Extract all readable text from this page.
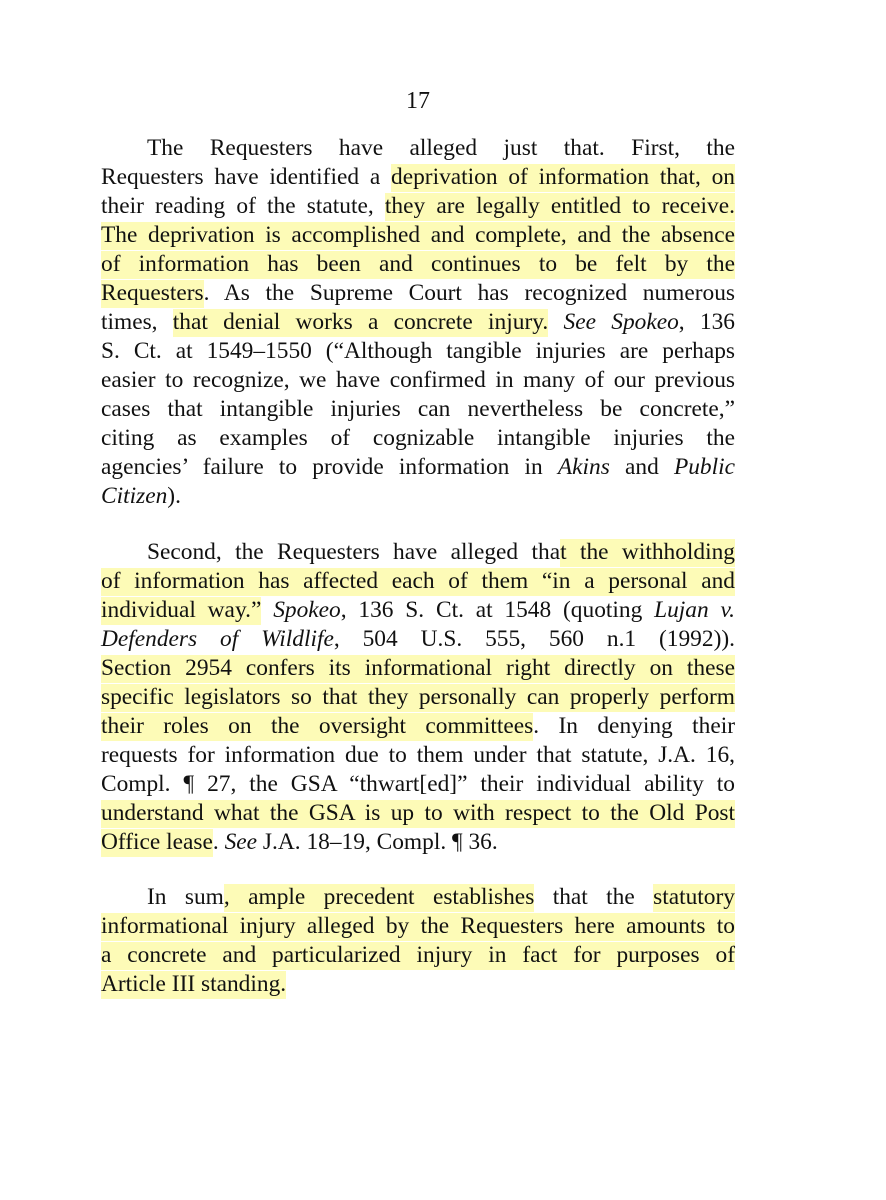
17
The Requesters have alleged just that. First, the
Requesters have identified a deprivation of information that, on
their reading of the statute, they are legally entitled to receive.
The deprivation is accomplished and complete, and the absence
of information has been and continues to be felt by the
Requesters. As the Supreme Court has recognized numerous
times, that denial works a concrete injury. See Spokeo, 136
S. Ct. at 1549–1550 (“Although tangible injuries are perhaps
easier to recognize, we have confirmed in many of our previous
cases that intangible injuries can nevertheless be concrete,”
citing as examples of cognizable intangible injuries the
agencies’ failure to provide information in Akins and Public
Citizen).
Second, the Requesters have alleged that the withholding
of information has affected each of them “in a personal and
individual way.” Spokeo, 136 S. Ct. at 1548 (quoting Lujan v.
Defenders of Wildlife, 504 U.S. 555, 560 n.1 (1992)).
Section 2954 confers its informational right directly on these
specific legislators so that they personally can properly perform
their roles on the oversight committees. In denying their
requests for information due to them under that statute, J.A. 16,
Compl. ¶ 27, the GSA “thwart[ed]” their individual ability to
understand what the GSA is up to with respect to the Old Post
Office lease. See J.A. 18–19, Compl. ¶ 36.
In sum, ample precedent establishes that the statutory
informational injury alleged by the Requesters here amounts to
a concrete and particularized injury in fact for purposes of
Article III standing.
